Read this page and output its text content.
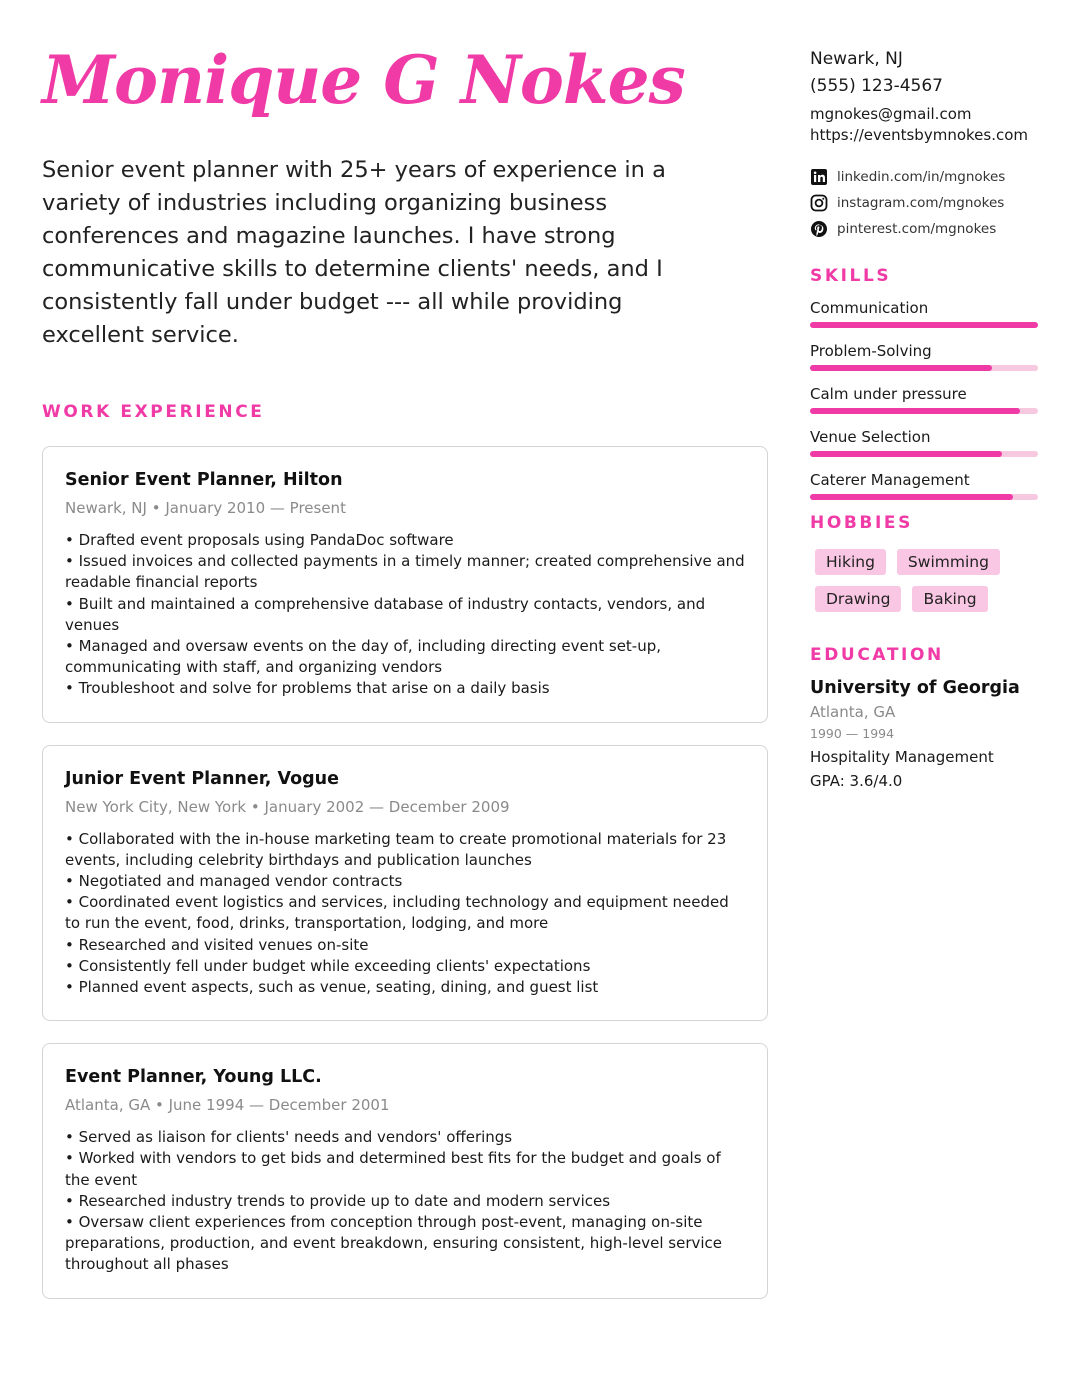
Monique G Nokes

Senior event planner with 25+ years of experience in a variety of industries including organizing business conferences and magazine launches. I have strong communicative skills to determine clients' needs, and I consistently fall under budget --- all while providing excellent service.

WORK EXPERIENCE
Senior Event Planner, Hilton
Newark, NJ • January 2010 — Present
• Drafted event proposals using PandaDoc software
• Issued invoices and collected payments in a timely manner; created comprehensive and readable financial reports
• Built and maintained a comprehensive database of industry contacts, vendors, and venues
• Managed and oversaw events on the day of, including directing event set-up, communicating with staff, and organizing vendors
• Troubleshoot and solve for problems that arise on a daily basis
Junior Event Planner, Vogue
New York City, New York • January 2002 — December 2009
• Collaborated with the in-house marketing team to create promotional materials for 23 events, including celebrity birthdays and publication launches
• Negotiated and managed vendor contracts
• Coordinated event logistics and services, including technology and equipment needed to run the event, food, drinks, transportation, lodging, and more
• Researched and visited venues on-site
• Consistently fell under budget while exceeding clients' expectations
• Planned event aspects, such as venue, seating, dining, and guest list
Event Planner, Young LLC.
Atlanta, GA • June 1994 — December 2001
• Served as liaison for clients' needs and vendors' offerings
• Worked with vendors to get bids and determined best fits for the budget and goals of the event
• Researched industry trends to provide up to date and modern services
• Oversaw client experiences from conception through post-event, managing on-site preparations, production, and event breakdown, ensuring consistent, high-level service throughout all phases
Newark, NJ
(555) 123-4567
mgnokes@gmail.com
https://eventsbymnokes.com
linkedin.com/in/mgnokes
instagram.com/mgnokes
pinterest.com/mgnokes
SKILLS
Communication
Problem-Solving
Calm under pressure
Venue Selection
Caterer Management
HOBBIES
Hiking	Swimming
Drawing	Baking
EDUCATION
University of Georgia
Atlanta, GA
1990 — 1994
Hospitality Management
GPA: 3.6/4.0
